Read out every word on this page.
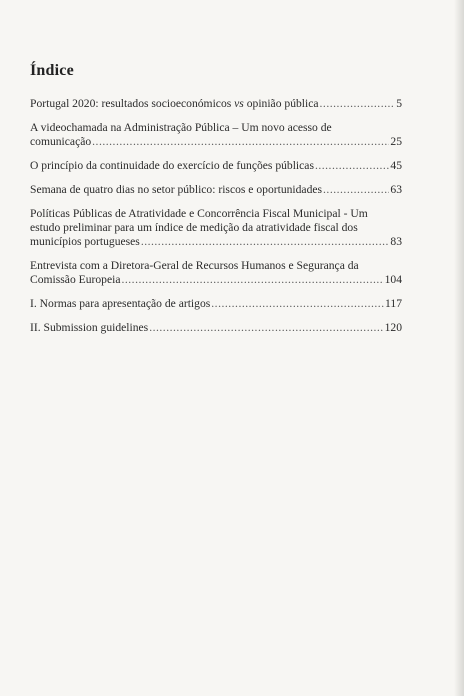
Índice
Portugal 2020: resultados socioeconómicos vs opinião pública .....	5
A videochamada na Administração Pública – Um novo acesso de
comunicação .....	25
O princípio da continuidade do exercício de funções públicas .....	45
Semana de quatro dias no setor público: riscos e oportunidades .....	63
Políticas Públicas de Atratividade e Concorrência Fiscal Municipal - Um
estudo preliminar para um índice de medição da atratividade fiscal dos
municípios portugueses .....	83
Entrevista com a Diretora-Geral de Recursos Humanos e Segurança da
Comissão Europeia .....	104
I. Normas para apresentação de artigos .....	117
II. Submission guidelines .....	120
